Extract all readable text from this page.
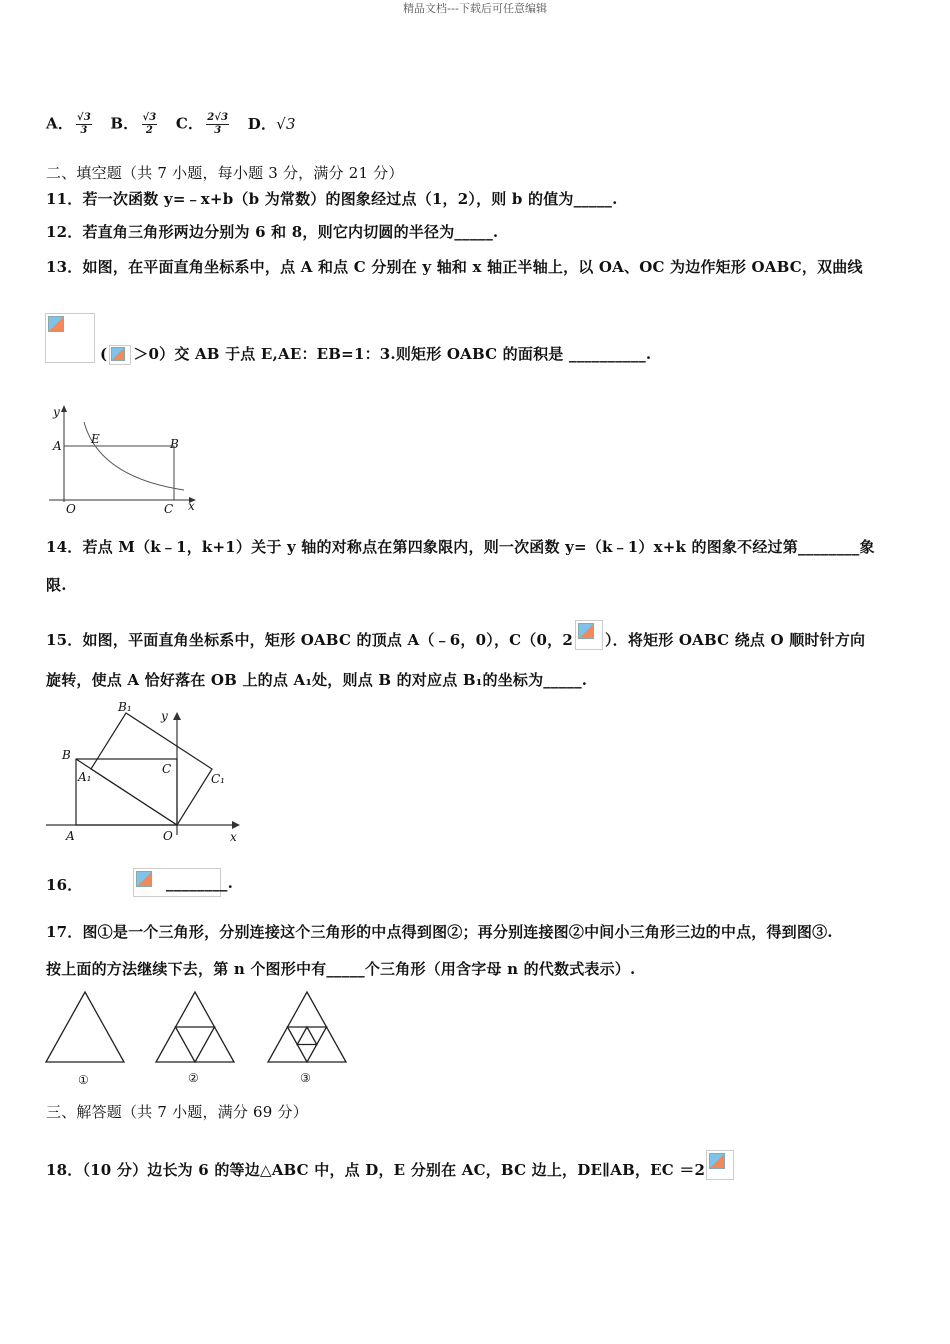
精品文档---下载后可任意编辑
A． $\frac{√3}{3}$ B． $\frac{√3}{2}$ C． $\frac{2√3}{3}$ D．√3
二、填空题（共 7 小题，每小题 3 分，满分 21 分）
11．若一次函数 y=﹣x+b（b 为常数）的图象经过点（1，2），则 b 的值为_____.
12．若直角三角形两边分别为 6 和 8，则它内切圆的半径为_____.
13．如图，在平面直角坐标系中，点 A 和点 C 分别在 y 轴和 x 轴正半轴上，以 OA、OC 为边作矩形 OABC，双曲线

( ＞0）交 AB 于点 E,AE：EB=1：3.则矩形 OABC 的面积是 __________.
y
A E	B
O	C x
14．若点 M（k﹣1，k+1）关于 y 轴的对称点在第四象限内，则一次函数 y=（k﹣1）x+k 的图象不经过第________象
限.
15．如图，平面直角坐标系中，矩形 OABC 的顶点 A（﹣6，0），C（0，2 ）．将矩形 OABC 绕点 O 顺时针方向
旋转，使点 A 恰好落在 OB 上的点 A₁处，则点 B 的对应点 B₁的坐标为_____.
B₁
y
B
A₁
C
C₁
A	O	x
16．	________.
17．图①是一个三角形，分别连接这个三角形的中点得到图②；再分别连接图②中间小三角形三边的中点，得到图③.
按上面的方法继续下去，第 n 个图形中有_____个三角形（用含字母 n 的代数式表示）.
①	②	③
三、解答题（共 7 小题，满分 69 分）
18．（10 分）边长为 6 的等边△ABC 中，点 D，E 分别在 AC，BC 边上，DE∥AB，EC ＝2
